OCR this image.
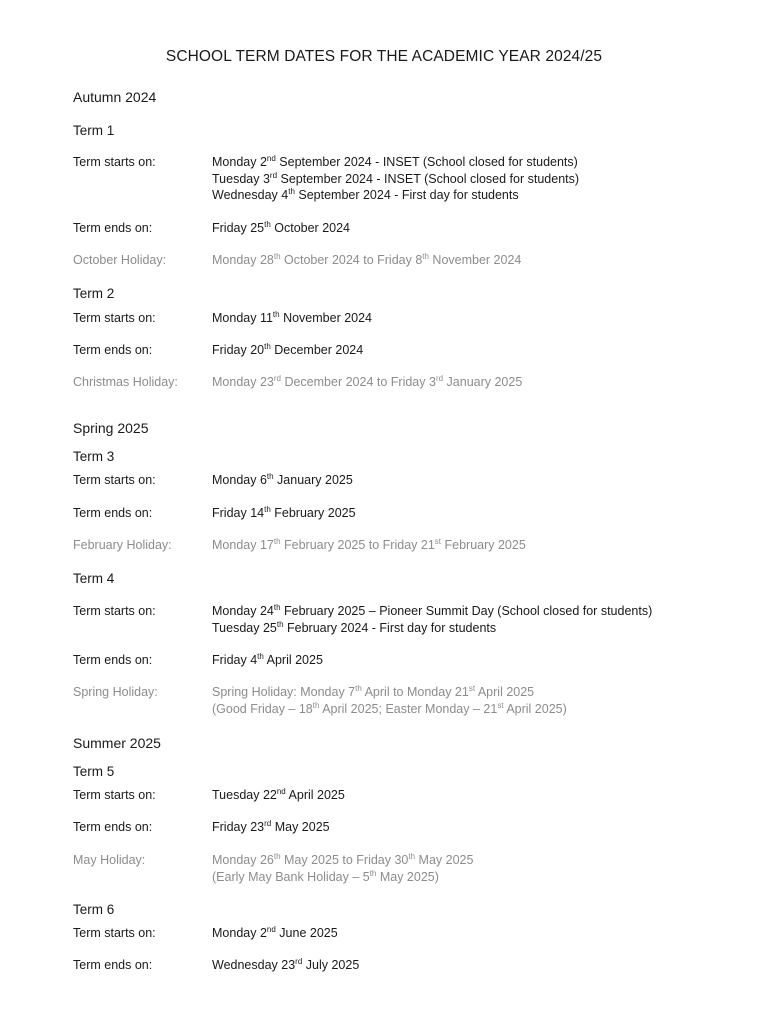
SCHOOL TERM DATES FOR THE ACADEMIC YEAR 2024/25
Autumn 2024
Term 1
Term starts on:	Monday 2nd September 2024 - INSET (School closed for students)
Tuesday 3rd September 2024 - INSET (School closed for students)
Wednesday 4th September 2024 - First day for students
Term ends on:	Friday 25th October 2024
October Holiday:	Monday 28th October 2024 to Friday 8th November 2024
Term 2
Term starts on:	Monday 11th November 2024
Term ends on:	Friday 20th December 2024
Christmas Holiday:	Monday 23rd December 2024 to Friday 3rd January 2025
Spring 2025
Term 3
Term starts on:	Monday 6th January 2025
Term ends on:	Friday 14th February 2025
February Holiday:	Monday 17th February 2025 to Friday 21st February 2025
Term 4
Term starts on:	Monday 24th February 2025 – Pioneer Summit Day (School closed for students)
Tuesday 25th February 2024 - First day for students
Term ends on:	Friday 4th April 2025
Spring Holiday:	Spring Holiday: Monday 7th April to Monday 21st April 2025
(Good Friday – 18th April 2025; Easter Monday – 21st April 2025)
Summer 2025
Term 5
Term starts on:	Tuesday 22nd April 2025
Term ends on:	Friday 23rd May 2025
May Holiday:	Monday 26th May 2025 to Friday 30th May 2025
(Early May Bank Holiday – 5th May 2025)
Term 6
Term starts on:	Monday 2nd June 2025
Term ends on:	Wednesday 23rd July 2025
